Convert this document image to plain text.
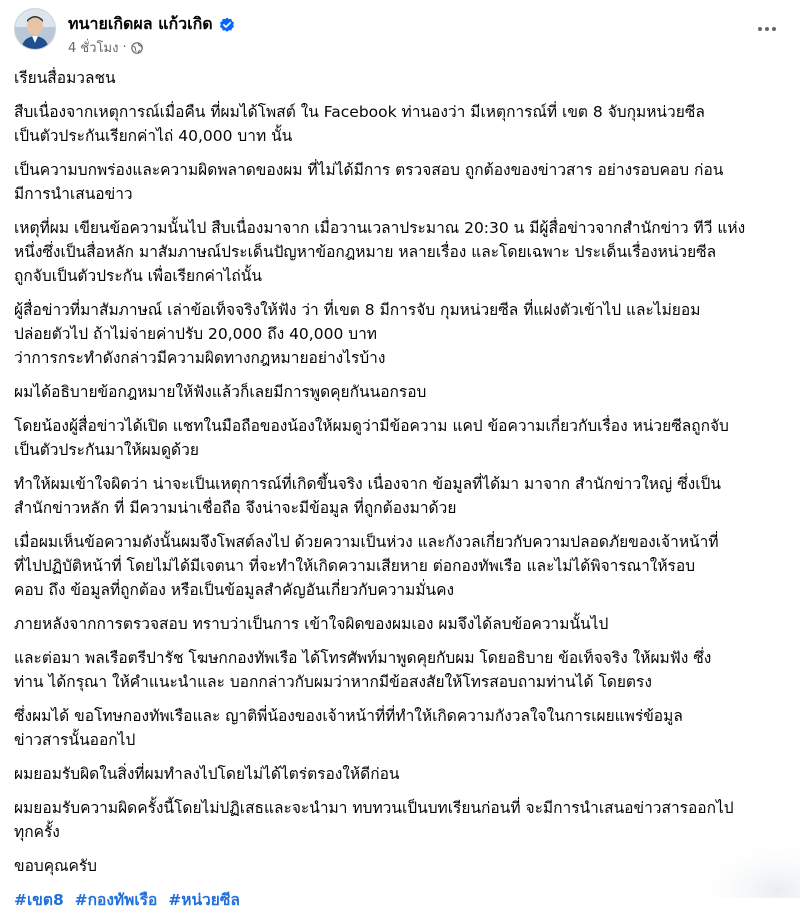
ทนายเกิดผล แก้วเกิด
4 ชั่วโมง ·

เรียนสื่อมวลชน

สืบเนื่องจากเหตุการณ์เมื่อคืน ที่ผมได้โพสต์ ใน Facebook ท่านองว่า มีเหตุการณ์ที่ เขต 8 จับกุมหน่วยซีล
เป็นตัวประกันเรียกค่าไถ่ 40,000 บาท นั้น

เป็นความบกพร่องและความผิดพลาดของผม ที่ไม่ได้มีการ ตรวจสอบ ถูกต้องของข่าวสาร อย่างรอบคอบ ก่อน
มีการนำเสนอข่าว

เหตุที่ผม เขียนข้อความนั้นไป สืบเนื่องมาจาก เมื่อวานเวลาประมาณ 20:30 น มีผู้สื่อข่าวจากสำนักข่าว ทีวี แห่ง
หนึ่งซึ่งเป็นสื่อหลัก มาสัมภาษณ์ประเด็นปัญหาข้อกฎหมาย หลายเรื่อง และโดยเฉพาะ ประเด็นเรื่องหน่วยซีล
ถูกจับเป็นตัวประกัน เพื่อเรียกค่าไถ่นั้น

ผู้สื่อข่าวที่มาสัมภาษณ์ เล่าข้อเท็จจริงให้ฟัง ว่า ที่เขต 8 มีการจับ กุมหน่วยซีล ที่แฝงตัวเข้าไป และไม่ยอม
ปล่อยตัวไป ถ้าไม่จ่ายค่าปรับ 20,000 ถึง 40,000 บาท
ว่าการกระทำดังกล่าวมีความผิดทางกฎหมายอย่างไรบ้าง

ผมได้อธิบายข้อกฎหมายให้ฟังแล้วก็เลยมีการพูดคุยกันนอกรอบ

โดยน้องผู้สื่อข่าวได้เปิด แชทในมือถือของน้องให้ผมดูว่ามีข้อความ แคป ข้อความเกี่ยวกับเรื่อง หน่วยซีลถูกจับ
เป็นตัวประกันมาให้ผมดูด้วย

ทำให้ผมเข้าใจผิดว่า น่าจะเป็นเหตุการณ์ที่เกิดขึ้นจริง เนื่องจาก ข้อมูลที่ได้มา มาจาก สำนักข่าวใหญ่ ซึ่งเป็น
สำนักข่าวหลัก ที่ มีความน่าเชื่อถือ จึงน่าจะมีข้อมูล ที่ถูกต้องมาด้วย

เมื่อผมเห็นข้อความดังนั้นผมจึงโพสต์ลงไป ด้วยความเป็นห่วง และกังวลเกี่ยวกับความปลอดภัยของเจ้าหน้าที่
ที่ไปปฏิบัติหน้าที่ โดยไม่ได้มีเจตนา ที่จะทำให้เกิดความเสียหาย ต่อกองทัพเรือ และไม่ได้พิจารณาให้รอบ
คอบ ถึง ข้อมูลที่ถูกต้อง หรือเป็นข้อมูลสำคัญอันเกี่ยวกับความมั่นคง

ภายหลังจากการตรวจสอบ ทราบว่าเป็นการ เข้าใจผิดของผมเอง ผมจึงได้ลบข้อความนั้นไป

และต่อมา พลเรือตรีปารัช โฆษกกองทัพเรือ ได้โทรศัพท์มาพูดคุยกับผม โดยอธิบาย ข้อเท็จจริง ให้ผมฟัง ซึ่ง
ท่าน ได้กรุณา ให้คำแนะนำและ บอกกล่าวกับผมว่าหากมีข้อสงสัยให้โทรสอบถามท่านได้ โดยตรง

ซึ่งผมได้ ขอโทษกองทัพเรือและ ญาติพี่น้องของเจ้าหน้าที่ที่ทำให้เกิดความกังวลใจในการเผยแพร่ข้อมูล
ข่าวสารนั้นออกไป

ผมยอมรับผิดในสิ่งที่ผมทำลงไปโดยไม่ได้ไตร่ตรองให้ดีก่อน

ผมยอมรับความผิดครั้งนี้โดยไม่ปฏิเสธและจะนำมา ทบทวนเป็นบทเรียนก่อนที่ จะมีการนำเสนอข่าวสารออกไป
ทุกครั้ง

ขอบคุณครับ

#เขต8 #กองทัพเรือ #หน่วยซีล
